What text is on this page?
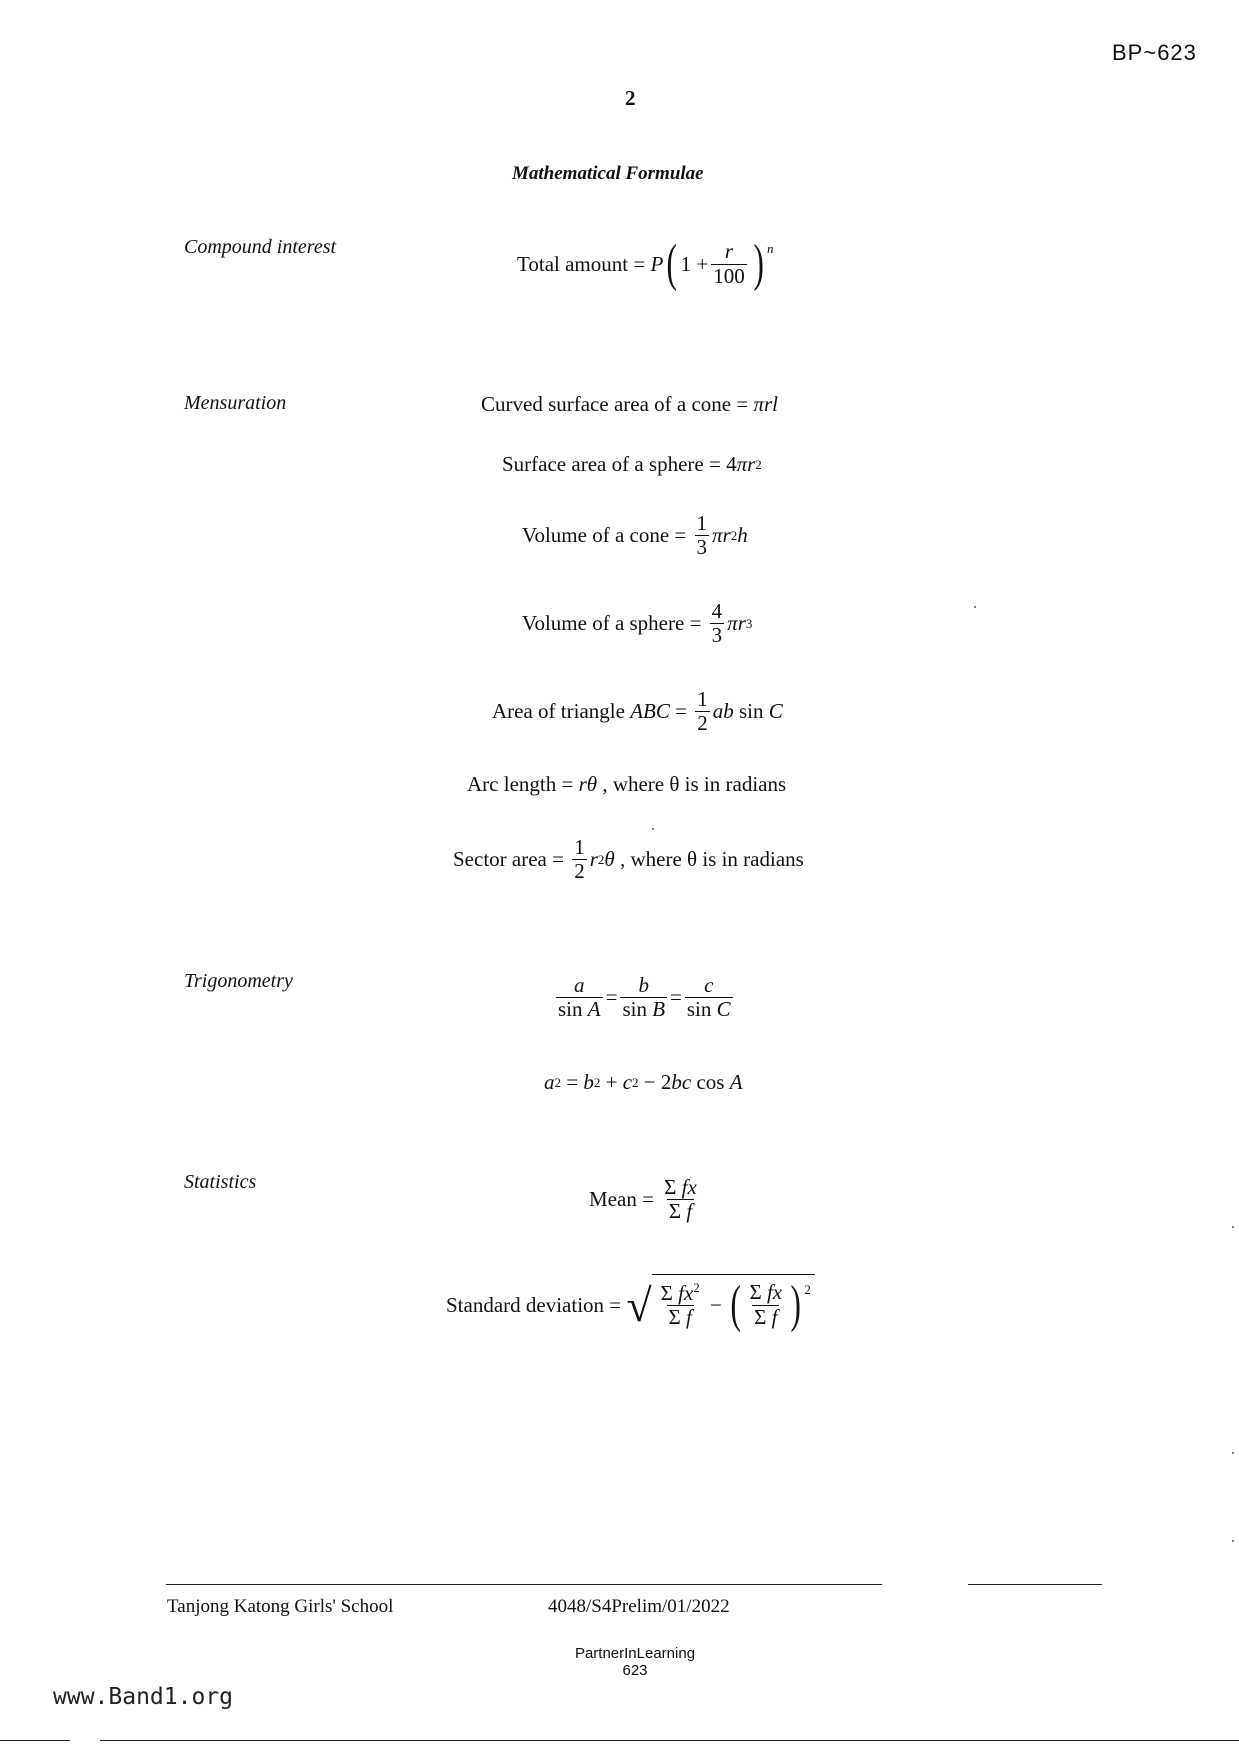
BP~623
2
Mathematical Formulae
Compound interest
Mensuration
Trigonometry
Statistics
Total amount =
P ( $1 + \frac{r}{100}$ ) $^n$
Curved surface area of a cone =
πrl
Surface area of a sphere = 4 πr 2
Volume of a cone =
$\frac{1}{3}$ πr 2 h
Volume of a sphere =
$\frac{4}{3}$ πr 3
Area of triangle
ABC = $\frac{1}{2}$ ab sin C
Arc length =
rθ
, where θ is in radians
Sector area =
$\frac{1}{2}$ r 2 θ
, where θ is in radians
$\frac{a}{\text{sin A}} = \frac{b}{\text{sin B}} = \frac{c}{\text{sin C}}$
a 2 = b 2 + c 2 − 2 bc cos A
Mean =
$\frac{\text{Σ fx}}{\text{Σ f}}$
Standard deviation =
√ $\frac{\Sigma fx^2}{\text{Σ f}}$ − ( $\frac{\text{Σ fx}}{\text{Σ f}}$ ) $^2$
Tanjong Katong Girls' School	4048/S4Prelim/01/2022
PartnerInLearning
623
www.Band1.org
